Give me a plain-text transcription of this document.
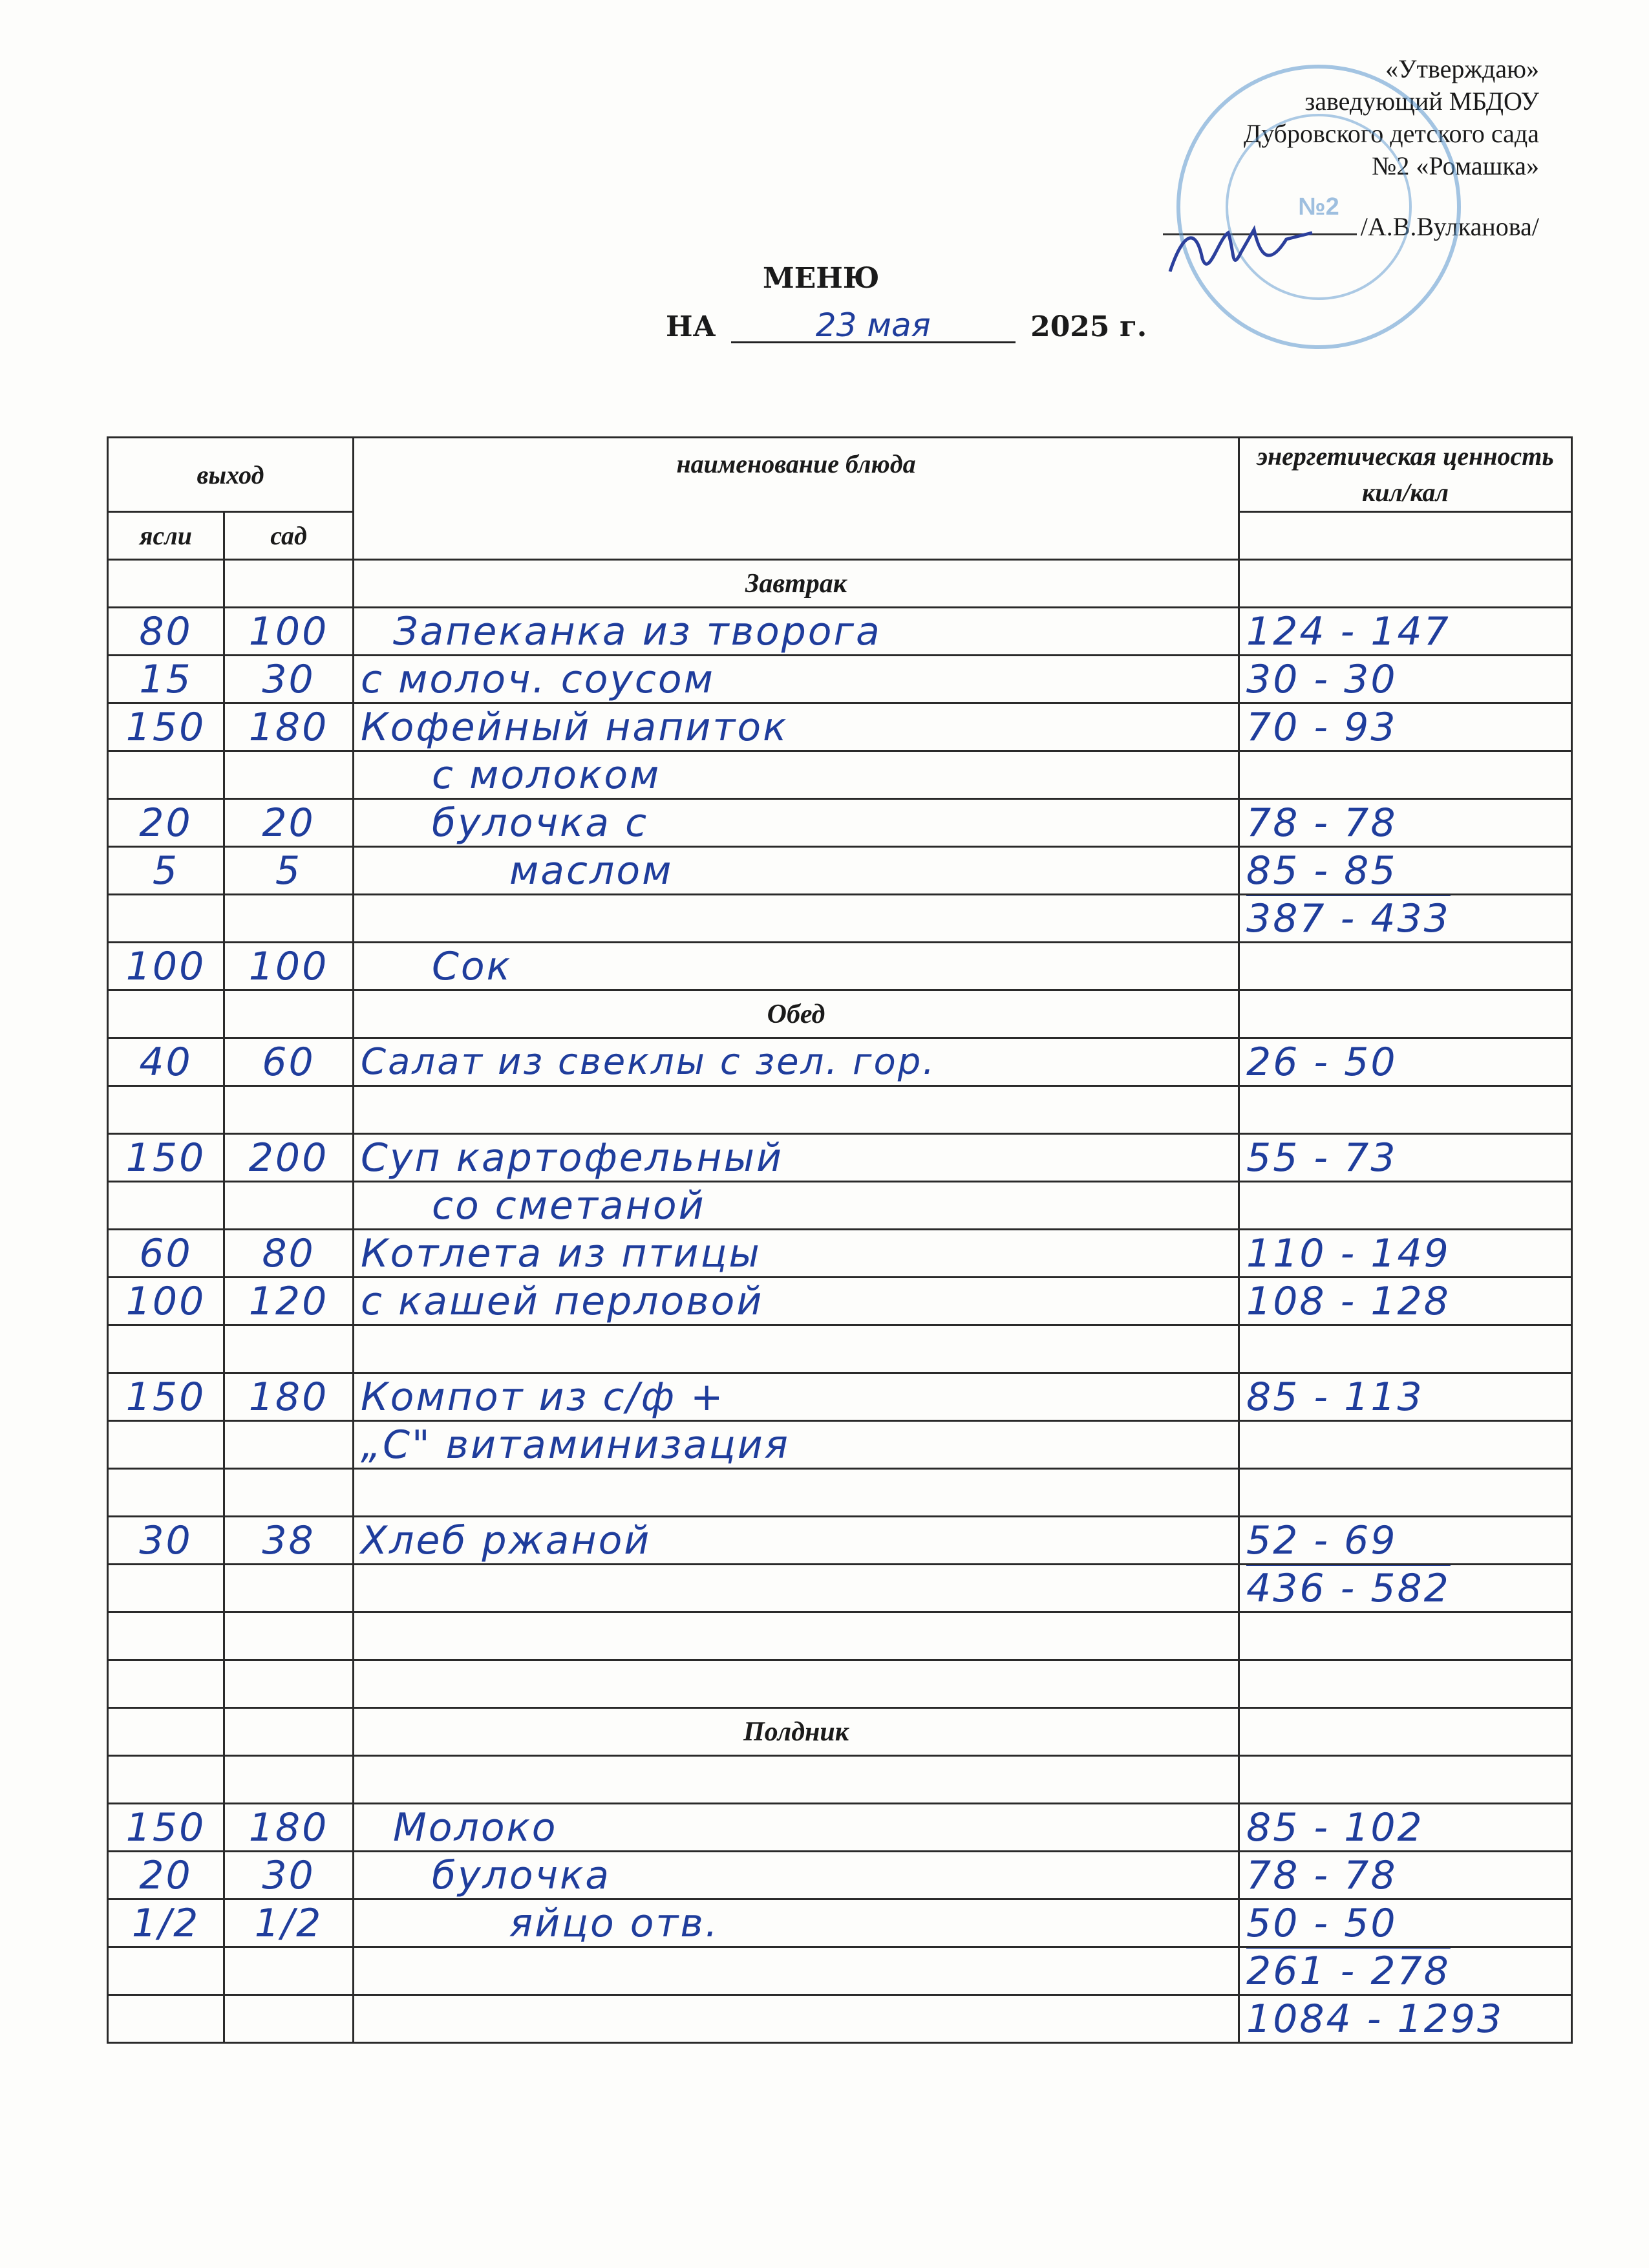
«Утверждаю»
заведующий МБДОУ
Дубровского детского сада
№2 «Ромашка»
/А.В.Вулканова/
№2
МЕНЮ
НА	23 мая	2025 г.
выход		наименование блюда	энергетическая ценность кил/кал
ясли	сад		
		Завтрак	
80	100	Запеканка из творога	124 - 147
15	30	с молоч. соусом	30 - 30
150	180	Кофейный напиток	70 - 93
		с молоком	
20	20	булочка с	78 - 78
5	5	маслом	85 - 85
			387 - 433
100	100	Сок	
		Обед	
40	60	Салат из свеклы с зел. гор.	26 - 50

150	200	Суп картофельный	55 - 73
		со сметаной	
60	80	Котлета из птицы	110 - 149
100	120	с кашей перловой	108 - 128

150	180	Компот из с/ф +	85 - 113
		„С" витаминизация	

30	38	Хлеб ржаной	52 - 69
			436 - 582

		Полдник	

150	180	Молоко	85 - 102
20	30	булочка	78 - 78
1/2	1/2	яйцо отв.	50 - 50
			261 - 278
			1084 - 1293
